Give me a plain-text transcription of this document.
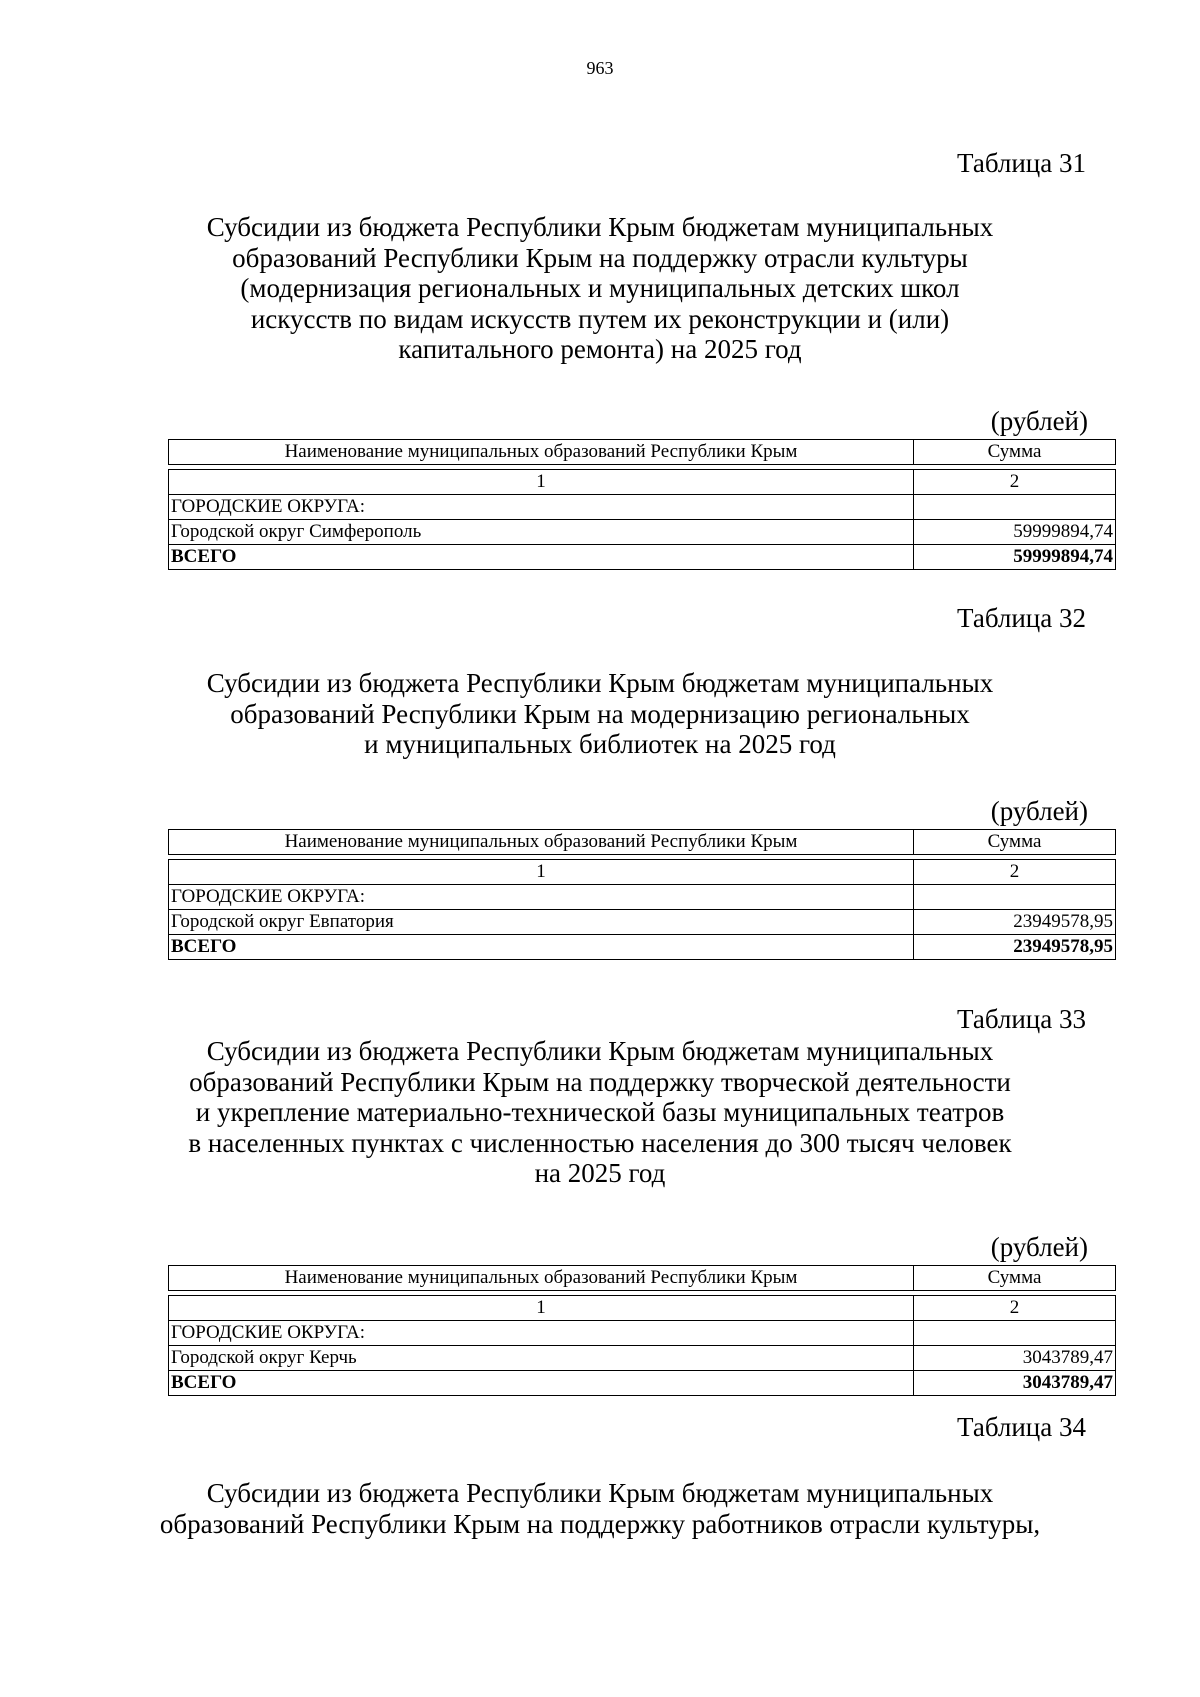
963
Таблица 31
Субсидии из бюджета Республики Крым бюджетам муниципальных
образований Республики Крым на поддержку отрасли культуры
(модернизация региональных и муниципальных детских школ
искусств по видам искусств путем их реконструкции и (или)
капитального ремонта) на 2025 год
(рублей)
Наименование муниципальных образований Республики Крым	Сумма

1	2
ГОРОДСКИЕ ОКРУГА:	
Городской округ Симферополь	59999894,74
ВСЕГО	59999894,74
Таблица 32
Субсидии из бюджета Республики Крым бюджетам муниципальных
образований Республики Крым на модернизацию региональных
и муниципальных библиотек на 2025 год
(рублей)
Наименование муниципальных образований Республики Крым	Сумма

1	2
ГОРОДСКИЕ ОКРУГА:	
Городской округ Евпатория	23949578,95
ВСЕГО	23949578,95
Таблица 33
Субсидии из бюджета Республики Крым бюджетам муниципальных
образований Республики Крым на поддержку творческой деятельности
и укрепление материально-технической базы муниципальных театров
в населенных пунктах с численностью населения до 300 тысяч человек
на 2025 год
(рублей)
Наименование муниципальных образований Республики Крым	Сумма

1	2
ГОРОДСКИЕ ОКРУГА:	
Городской округ Керчь	3043789,47
ВСЕГО	3043789,47
Таблица 34
Субсидии из бюджета Республики Крым бюджетам муниципальных
образований Республики Крым на поддержку работников отрасли культуры,
